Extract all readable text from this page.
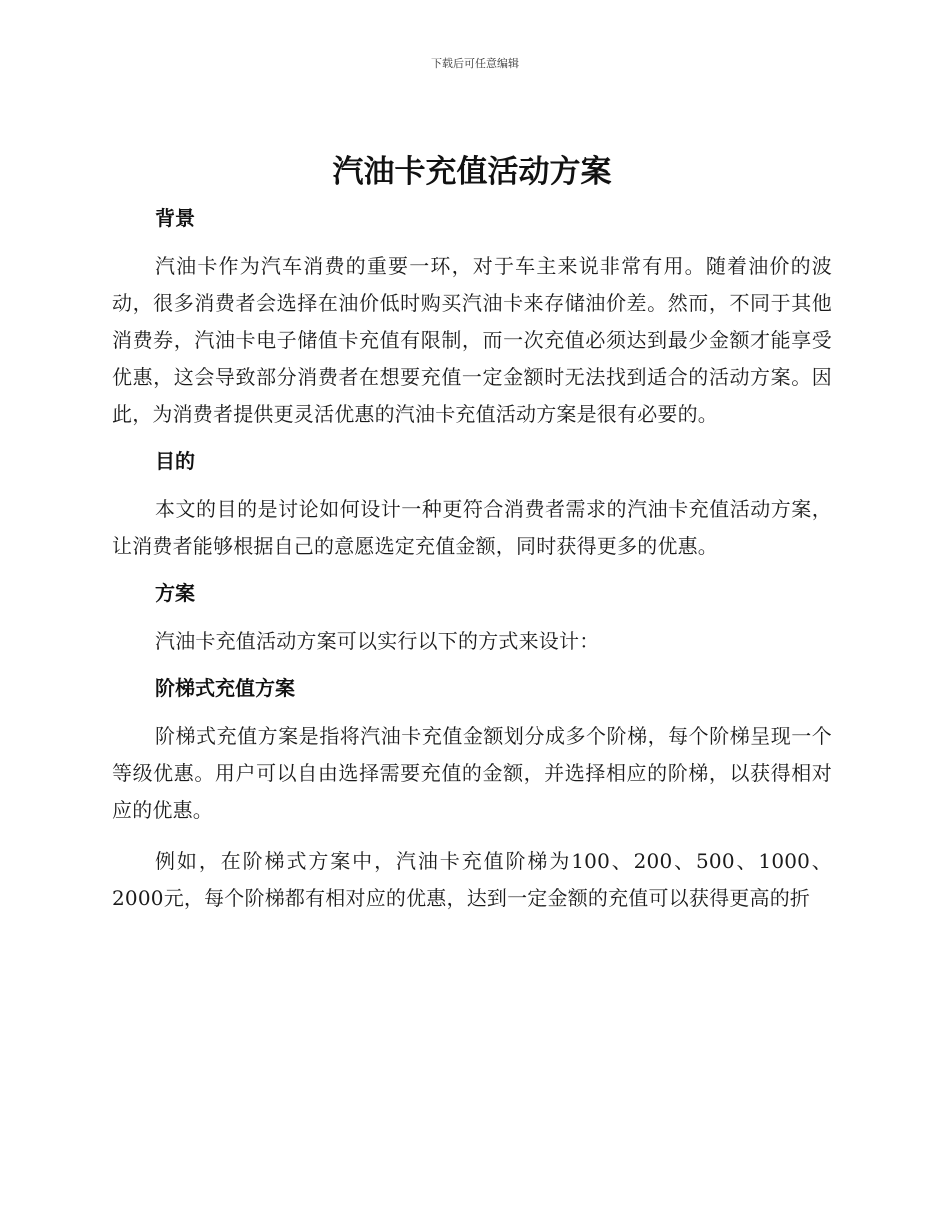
下载后可任意编辑
汽油卡充值活动方案
背景

汽油卡作为汽车消费的重要一环，对于车主来说非常有用。随着油价的波动，很多消费者会选择在油价低时购买汽油卡来存储油价差。然而，不同于其他消费券，汽油卡电子储值卡充值有限制，而一次充值必须达到最少金额才能享受优惠，这会导致部分消费者在想要充值一定金额时无法找到适合的活动方案。因此，为消费者提供更灵活优惠的汽油卡充值活动方案是很有必要的。

目的

本文的目的是讨论如何设计一种更符合消费者需求的汽油卡充值活动方案，让消费者能够根据自己的意愿选定充值金额，同时获得更多的优惠。

方案

汽油卡充值活动方案可以实行以下的方式来设计：

阶梯式充值方案

阶梯式充值方案是指将汽油卡充值金额划分成多个阶梯，每个阶梯呈现一个等级优惠。用户可以自由选择需要充值的金额，并选择相应的阶梯，以获得相对应的优惠。

例如，在阶梯式方案中，汽油卡充值阶梯为100、200、500、1000、2000元，每个阶梯都有相对应的优惠，达到一定金额的充值可以获得更高的折
